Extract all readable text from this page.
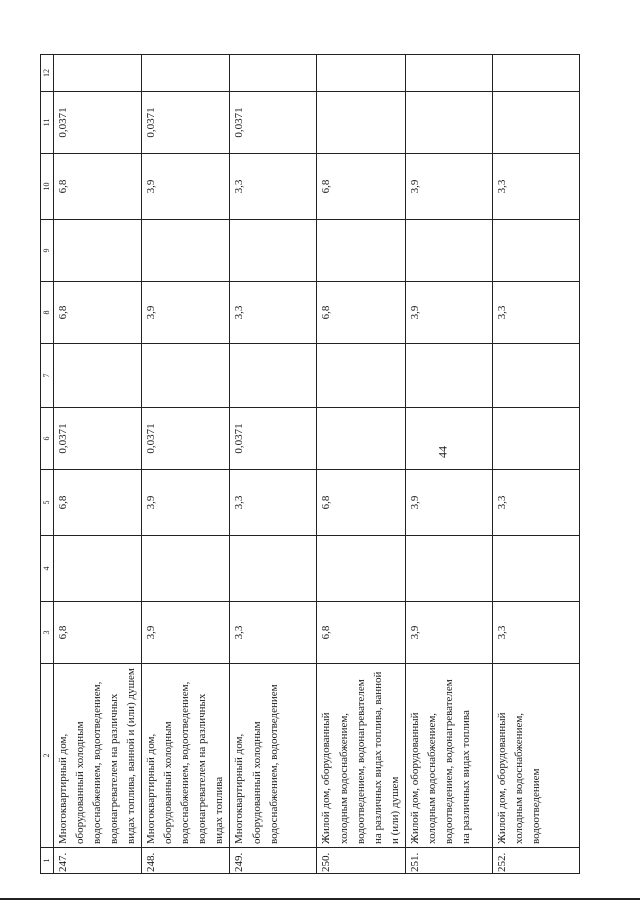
44
1	2	3	4	5	6	7	8	9	10	11	12
247.	Многоквартирный дом, оборудованный холодным водоснабжением, водоотведением, водонагревателем на различных видах топлива, ванной и (или) душем	6,8		6,8	0,0371		6,8		6,8	0,0371	
248.	Многоквартирный дом, оборудованный холодным водоснабжением, водоотведением, водонагревателем на различных видах топлива	3,9		3,9	0,0371		3,9		3,9	0,0371	
249.	Многоквартирный дом, оборудованный холодным водоснабжением, водоотведением	3,3		3,3	0,0371		3,3		3,3	0,0371	
250.	Жилой дом, оборудованный холодным водоснабжением, водоотведением, водонагревателем на различных видах топлива, ванной и (или) душем	6,8		6,8			6,8		6,8		
251.	Жилой дом, оборудованный холодным водоснабжением, водоотведением, водонагревателем на различных видах топлива	3,9		3,9			3,9		3,9		
252.	Жилой дом, оборудованный холодным водоснабжением, водоотведением	3,3		3,3			3,3		3,3		
